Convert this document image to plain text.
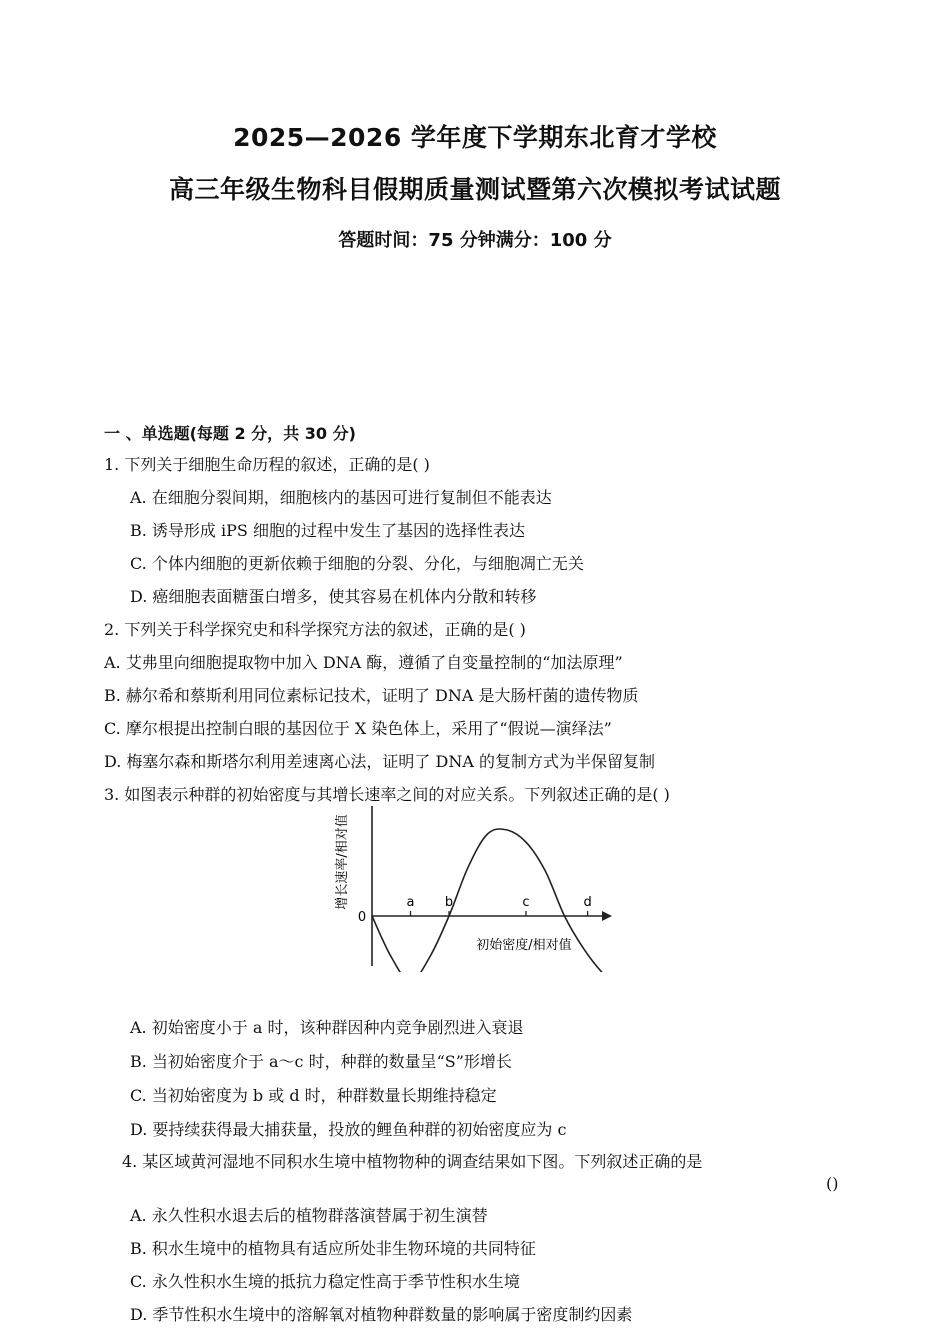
2025—2026 学年度下学期东北育才学校
高三年级生物科目假期质量测试暨第六次模拟考试试题
答题时间：75 分钟满分：100 分
一 、单选题(每题 2 分，共 30 分)
1. 下列关于细胞生命历程的叙述，正确的是( )
A. 在细胞分裂间期，细胞核内的基因可进行复制但不能表达
B. 诱导形成 iPS 细胞的过程中发生了基因的选择性表达
C. 个体内细胞的更新依赖于细胞的分裂、分化，与细胞凋亡无关
D. 癌细胞表面糖蛋白增多，使其容易在机体内分散和转移
2. 下列关于科学探究史和科学探究方法的叙述，正确的是( )
A. 艾弗里向细胞提取物中加入 DNA 酶，遵循了自变量控制的“加法原理”
B. 赫尔希和蔡斯利用同位素标记技术，证明了 DNA 是大肠杆菌的遗传物质
C. 摩尔根提出控制白眼的基因位于 X 染色体上，采用了“假说—演绎法”
D. 梅塞尔森和斯塔尔利用差速离心法，证明了 DNA 的复制方式为半保留复制
3. 如图表示种群的初始密度与其增长速率之间的对应关系。下列叙述正确的是( )
增长速率/相对值
0
初始密度/相对值
a b	c	d
A. 初始密度小于 a 时，该种群因种内竞争剧烈进入衰退
B. 当初始密度介于 a～c 时，种群的数量呈“S”形增长
C. 当初始密度为 b 或 d 时，种群数量长期维持稳定
D. 要持续获得最大捕获量，投放的鲤鱼种群的初始密度应为 c
4. 某区域黄河湿地不同积水生境中植物物种的调查结果如下图。下列叙述正确的是
()
A. 永久性积水退去后的植物群落演替属于初生演替
B. 积水生境中的植物具有适应所处非生物环境的共同特征
C. 永久性积水生境的抵抗力稳定性高于季节性积水生境
D. 季节性积水生境中的溶解氧对植物种群数量的影响属于密度制约因素
